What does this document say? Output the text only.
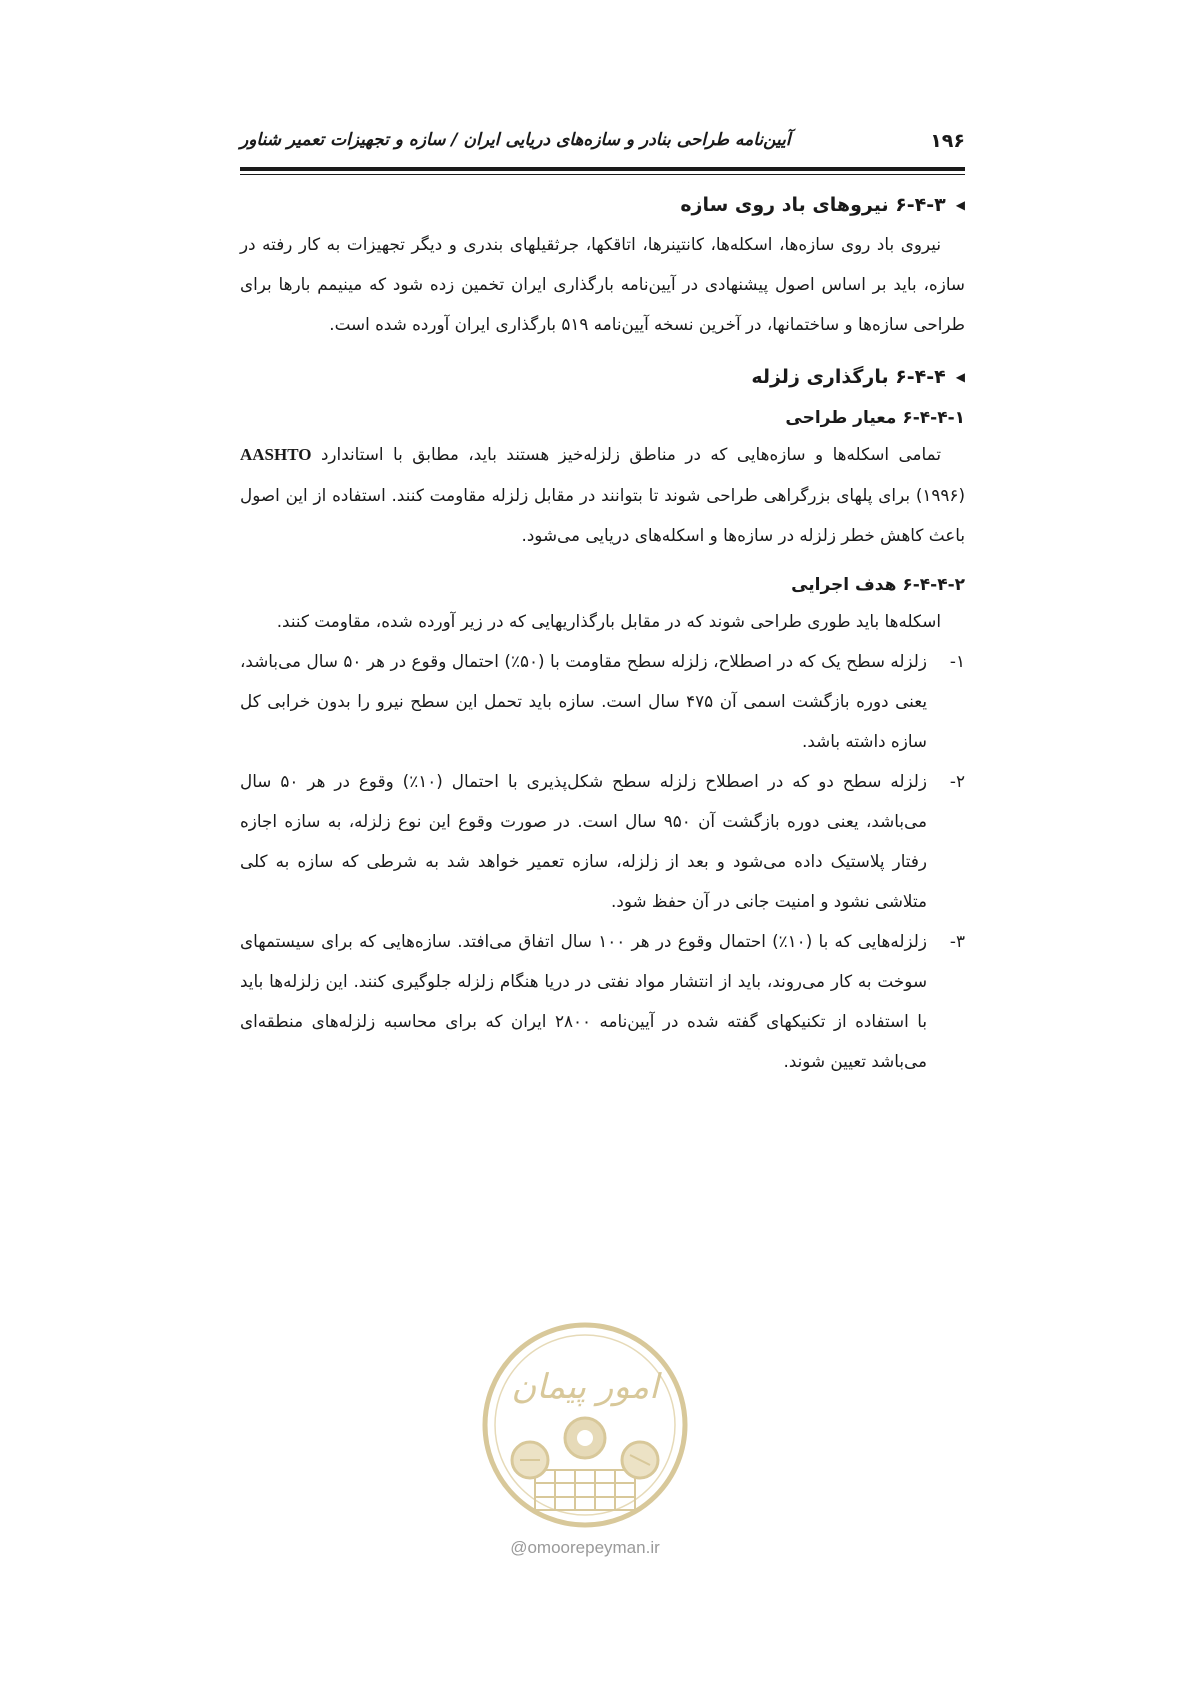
۱۹۶
آیین‌نامه طراحی بنادر و سازه‌های دریایی ایران / سازه و تجهیزات تعمیر شناور
◀
۶-۴-۳ نیروهای باد روی سازه

نیروی باد روی سازه‌ها، اسکله‌ها، کانتینرها، اتاقکها، جرثقیلهای بندری و دیگر تجهیزات به کار رفته در سازه، باید بر اساس اصول پیشنهادی در آیین‌نامه بارگذاری ایران تخمین زده شود که مینیمم بارها برای طراحی سازه‌ها و ساختمانها، در آخرین نسخه آیین‌نامه ۵۱۹ بارگذاری ایران آورده شده است.

◀
۶-۴-۴ بارگذاری زلزله
۶-۴-۴-۱ معیار طراحی

تمامی اسکله‌ها و سازه‌هایی که در مناطق زلزله‌خیز هستند باید، مطابق با استاندارد AASHTO (۱۹۹۶) برای پلهای بزرگراهی طراحی شوند تا بتوانند در مقابل زلزله مقاومت کنند. استفاده از این اصول باعث کاهش خطر زلزله در سازه‌ها و اسکله‌های دریایی می‌شود.

۶-۴-۴-۲ هدف اجرایی

اسکله‌ها باید طوری طراحی شوند که در مقابل بارگذاریهایی که در زیر آورده شده، مقاومت کنند.

۱-
زلزله سطح یک که در اصطلاح، زلزله سطح مقاومت با (۵۰٪) احتمال وقوع در هر ۵۰ سال می‌باشد، یعنی دوره بازگشت اسمی آن ۴۷۵ سال است. سازه باید تحمل این سطح نیرو را بدون خرابی کل سازه داشته باشد.
۲-
زلزله سطح دو که در اصطلاح زلزله سطح شکل‌پذیری با احتمال (۱۰٪) وقوع در هر ۵۰ سال می‌باشد، یعنی دوره بازگشت آن ۹۵۰ سال است. در صورت وقوع این نوع زلزله، به سازه اجازه رفتار پلاستیک داده می‌شود و بعد از زلزله، سازه تعمیر خواهد شد به شرطی که سازه به کلی متلاشی نشود و امنیت جانی در آن حفظ شود.
۳-
زلزله‌هایی که با (۱۰٪) احتمال وقوع در هر ۱۰۰ سال اتفاق می‌افتد. سازه‌هایی که برای سیستمهای سوخت به کار می‌روند، باید از انتشار مواد نفتی در دریا هنگام زلزله جلوگیری کنند. این زلزله‌ها باید با استفاده از تکنیکهای گفته شده در آیین‌نامه ۲۸۰۰ ایران که برای محاسبه زلزله‌های منطقه‌ای می‌باشد تعیین شوند.
امور پیمان
@omoorepeyman.ir
